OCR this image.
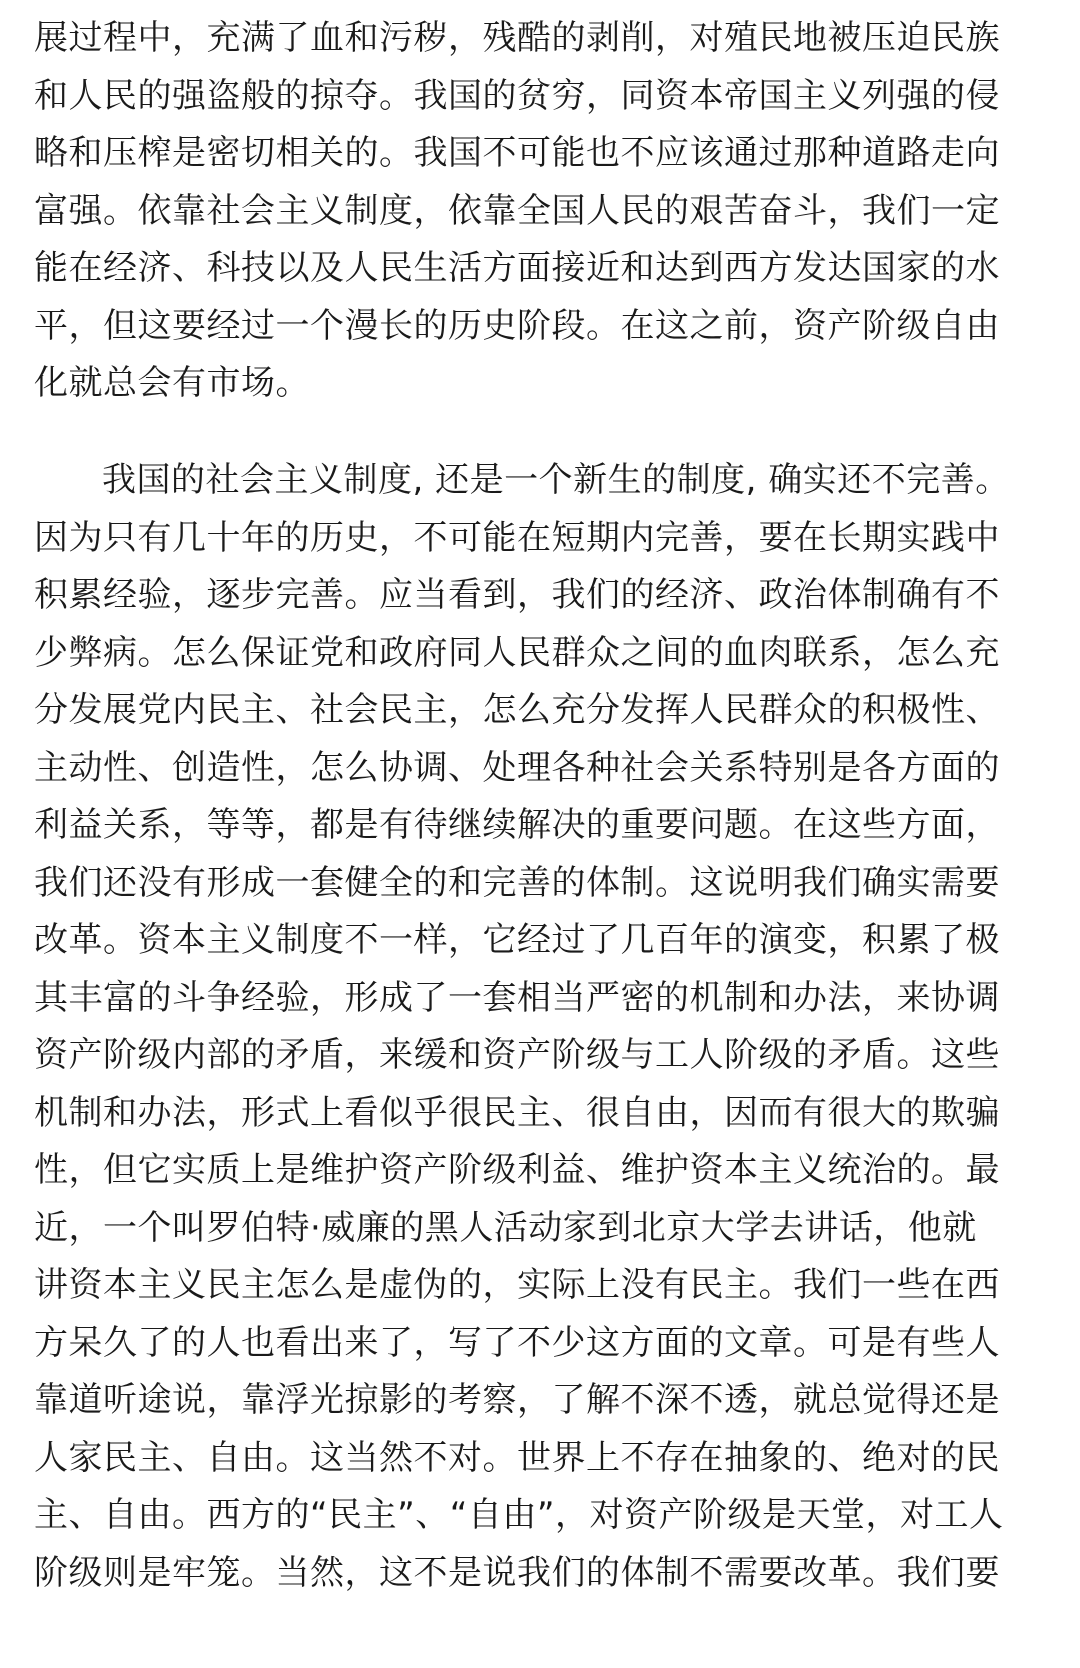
展过程中，充满了血和污秽，残酷的剥削，对殖民地被压迫民族
和人民的强盗般的掠夺。我国的贫穷，同资本帝国主义列强的侵
略和压榨是密切相关的。我国不可能也不应该通过那种道路走向
富强。依靠社会主义制度，依靠全国人民的艰苦奋斗，我们一定
能在经济、科技以及人民生活方面接近和达到西方发达国家的水
平，但这要经过一个漫长的历史阶段。在这之前，资产阶级自由
化就总会有市场。
我国的社会主义制度, 还是一个新生的制度, 确实还不完善。
因为只有几十年的历史，不可能在短期内完善，要在长期实践中
积累经验，逐步完善。应当看到，我们的经济、政治体制确有不
少弊病。怎么保证党和政府同人民群众之间的血肉联系，怎么充
分发展党内民主、社会民主，怎么充分发挥人民群众的积极性、
主动性、创造性，怎么协调、处理各种社会关系特别是各方面的
利益关系，等等，都是有待继续解决的重要问题。在这些方面，
我们还没有形成一套健全的和完善的体制。这说明我们确实需要
改革。资本主义制度不一样，它经过了几百年的演变，积累了极
其丰富的斗争经验，形成了一套相当严密的机制和办法，来协调
资产阶级内部的矛盾，来缓和资产阶级与工人阶级的矛盾。这些
机制和办法，形式上看似乎很民主、很自由，因而有很大的欺骗
性，但它实质上是维护资产阶级利益、维护资本主义统治的。最
近，一个叫罗伯特·威廉的黑人活动家到北京大学去讲话，他就
讲资本主义民主怎么是虚伪的，实际上没有民主。我们一些在西
方呆久了的人也看出来了，写了不少这方面的文章。可是有些人
靠道听途说，靠浮光掠影的考察，了解不深不透，就总觉得还是
人家民主、自由。这当然不对。世界上不存在抽象的、绝对的民
主、自由。西方的“民主”、“自由”，对资产阶级是天堂，对工人
阶级则是牢笼。当然，这不是说我们的体制不需要改革。我们要
